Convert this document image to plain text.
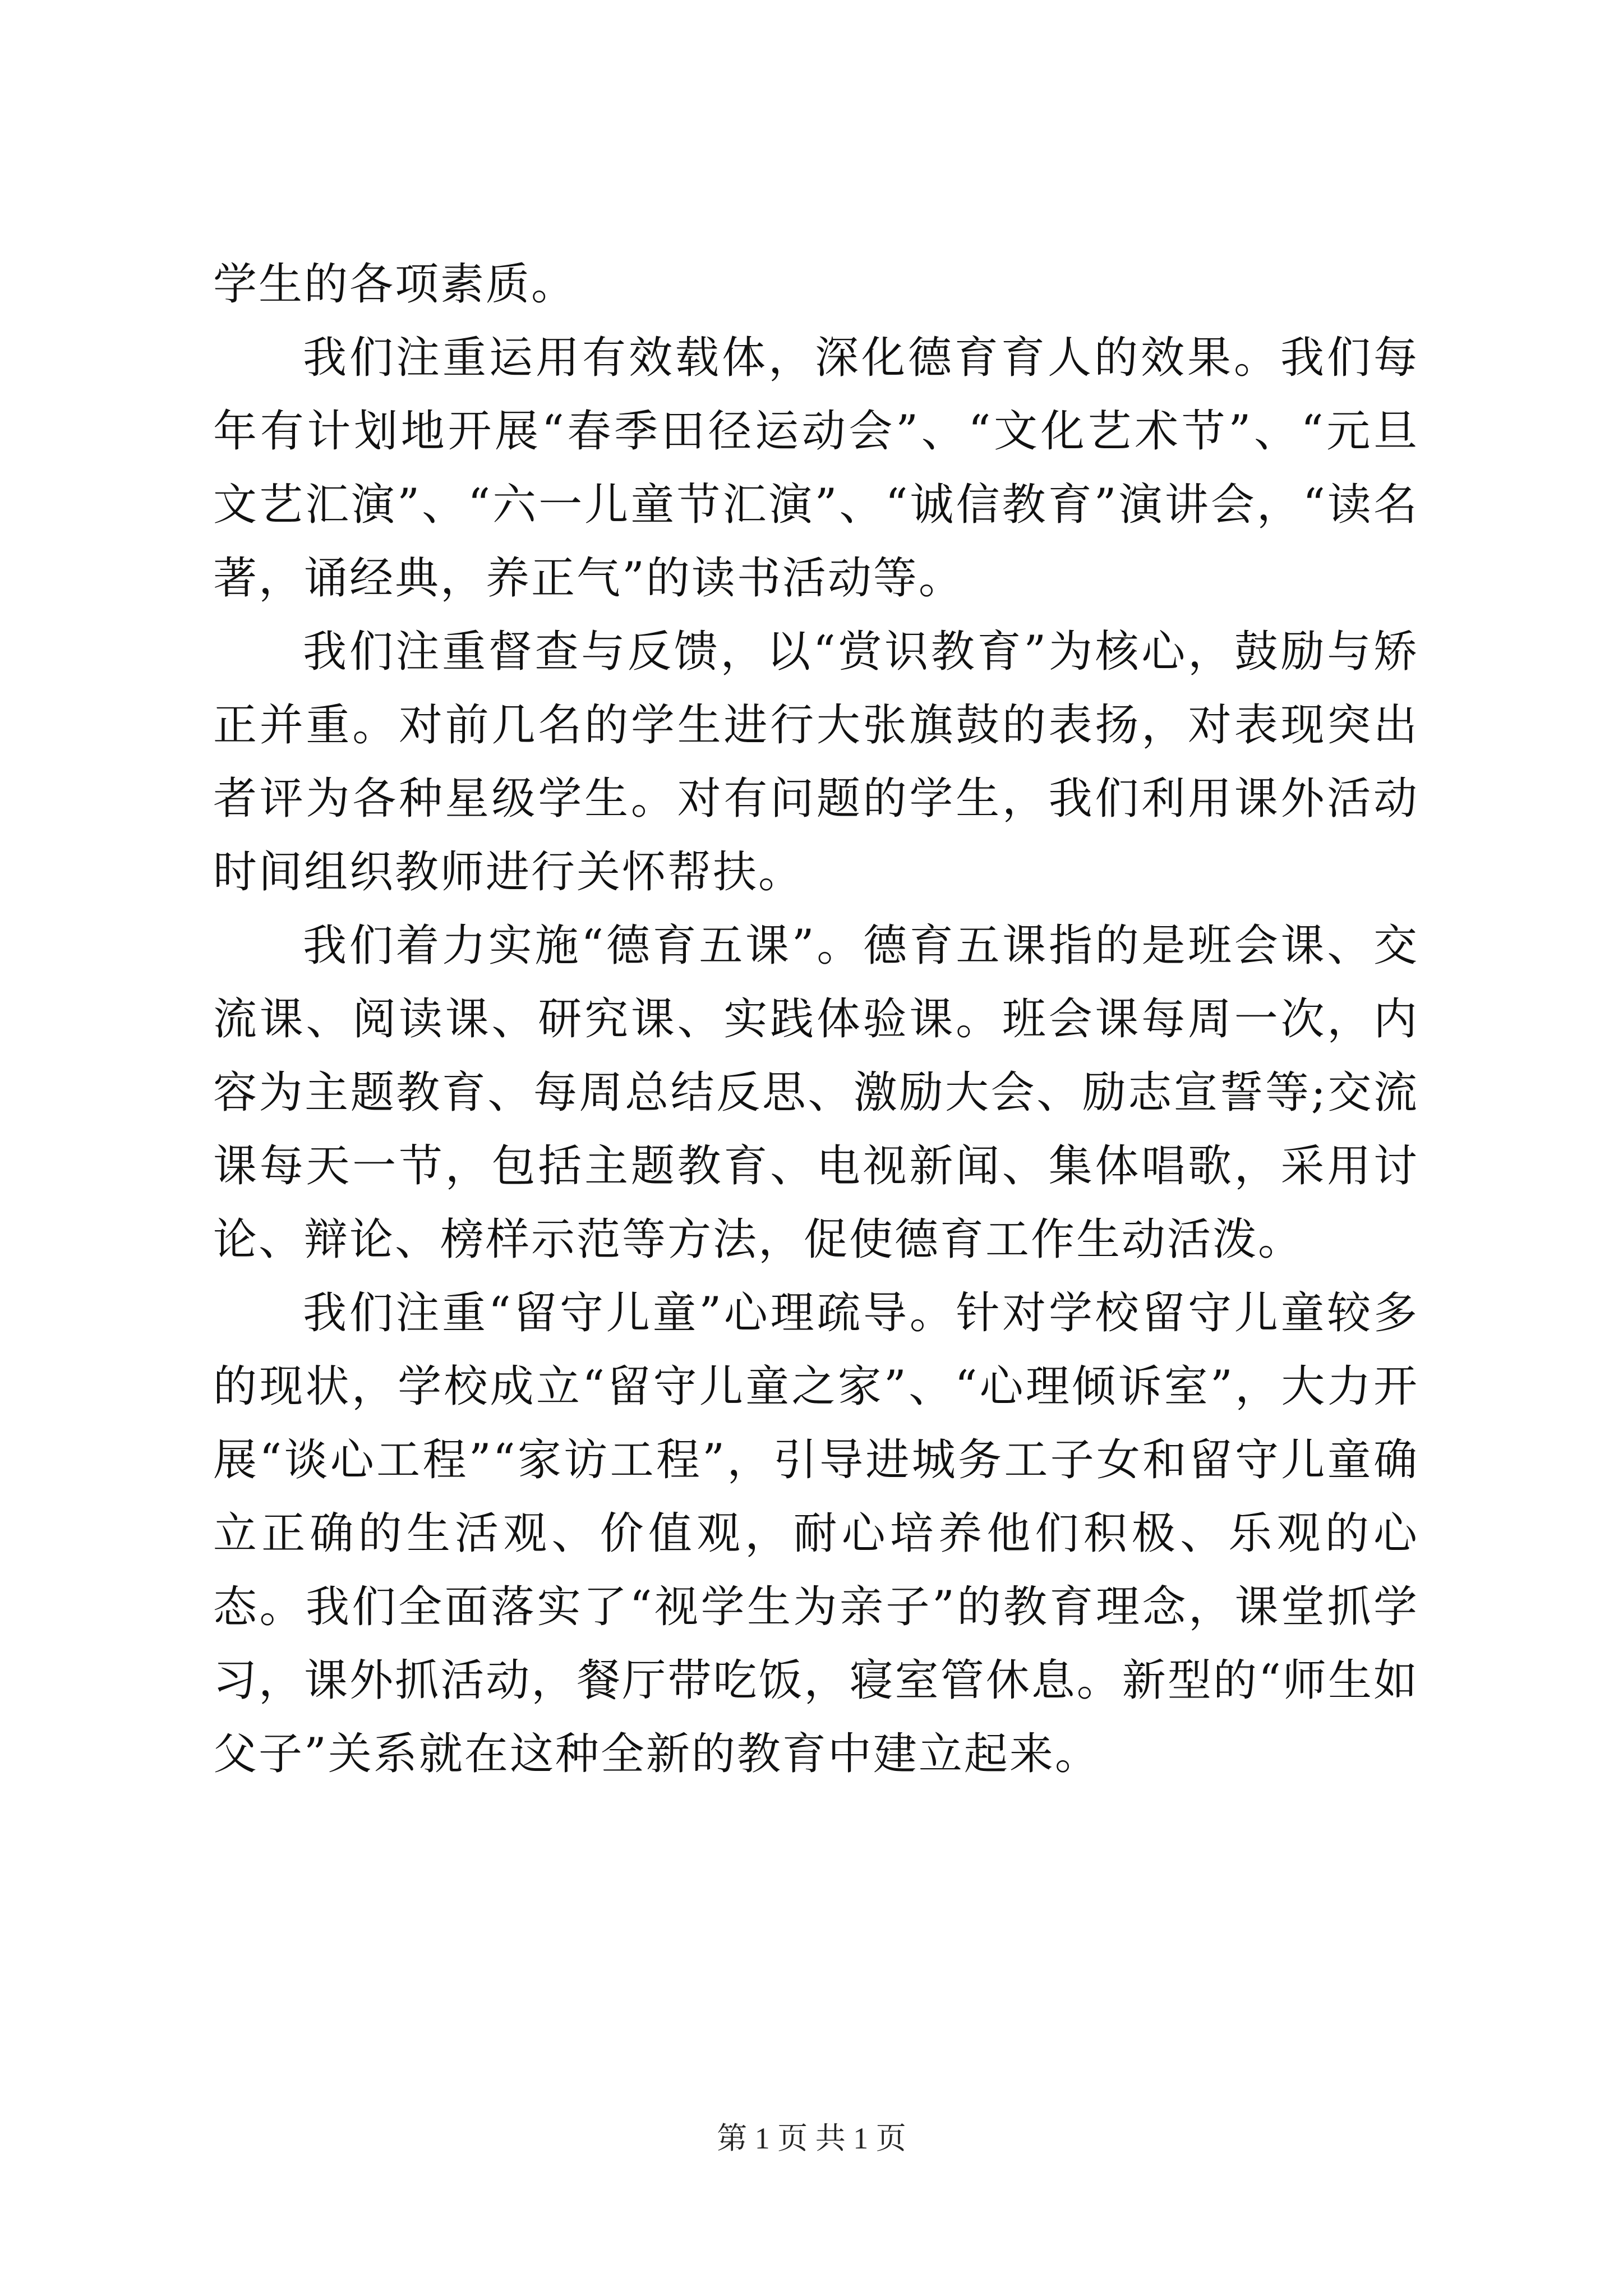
学生的各项素质。

我们注重运用有效载体，深化德育育人的效果。我们每年有计划地开展“春季田径运动会”、“文化艺术节”、“元旦文艺汇演”、“六一儿童节汇演”、“诚信教育”演讲会，“读名著，诵经典，养正气”的读书活动等。

我们注重督查与反馈，以“赏识教育”为核心，鼓励与矫正并重。对前几名的学生进行大张旗鼓的表扬，对表现突出者评为各种星级学生。对有问题的学生，我们利用课外活动时间组织教师进行关怀帮扶。

我们着力实施“德育五课”。德育五课指的是班会课、交流课、阅读课、研究课、实践体验课。班会课每周一次，内容为主题教育、每周总结反思、激励大会、励志宣誓等;交流课每天一节，包括主题教育、电视新闻、集体唱歌，采用讨论、辩论、榜样示范等方法，促使德育工作生动活泼。

我们注重“留守儿童”心理疏导。针对学校留守儿童较多的现状，学校成立“留守儿童之家”、“心理倾诉室”，大力开展“谈心工程”“家访工程”，引导进城务工子女和留守儿童确立正确的生活观、价值观，耐心培养他们积极、乐观的心态。我们全面落实了“视学生为亲子”的教育理念，课堂抓学习，课外抓活动，餐厅带吃饭，寝室管休息。新型的“师生如父子”关系就在这种全新的教育中建立起来。

第 1 页 共 1 页
